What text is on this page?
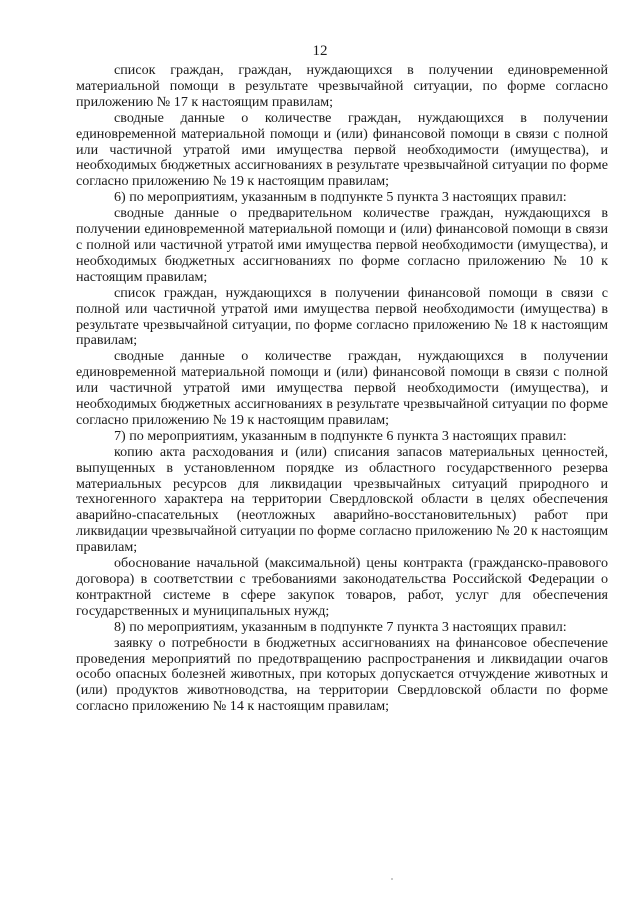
12

список граждан, граждан, нуждающихся в получении единовременной материальной помощи в результате чрезвычайной ситуации, по форме согласно приложению № 17 к настоящим правилам;

сводные данные о количестве граждан, нуждающихся в получении единовременной материальной помощи и (или) финансовой помощи в связи с полной или частичной утратой ими имущества первой необходимости (имущества), и необходимых бюджетных ассигнованиях в результате чрезвычайной ситуации по форме согласно приложению № 19 к настоящим правилам;

6) по мероприятиям, указанным в подпункте 5 пункта 3 настоящих правил:

сводные данные о предварительном количестве граждан, нуждающихся в получении единовременной материальной помощи и (или) финансовой помощи в связи с полной или частичной утратой ими имущества первой необходимости (имущества), и необходимых бюджетных ассигнованиях по форме согласно приложению № 10 к настоящим правилам;

список граждан, нуждающихся в получении финансовой помощи в связи с полной или частичной утратой ими имущества первой необходимости (имущества) в результате чрезвычайной ситуации, по форме согласно приложению № 18 к настоящим правилам;

сводные данные о количестве граждан, нуждающихся в получении единовременной материальной помощи и (или) финансовой помощи в связи с полной или частичной утратой ими имущества первой необходимости (имущества), и необходимых бюджетных ассигнованиях в результате чрезвычайной ситуации по форме согласно приложению № 19 к настоящим правилам;

7) по мероприятиям, указанным в подпункте 6 пункта 3 настоящих правил:

копию акта расходования и (или) списания запасов материальных ценностей, выпущенных в установленном порядке из областного государственного резерва материальных ресурсов для ликвидации чрезвычайных ситуаций природного и техногенного характера на территории Свердловской области в целях обеспечения аварийно-спасательных (неотложных аварийно-восстановительных) работ при ликвидации чрезвычайной ситуации по форме согласно приложению № 20 к настоящим правилам;

обоснование начальной (максимальной) цены контракта (гражданско-правового договора) в соответствии с требованиями законодательства Российской Федерации о контрактной системе в сфере закупок товаров, работ, услуг для обеспечения государственных и муниципальных нужд;

8) по мероприятиям, указанным в подпункте 7 пункта 3 настоящих правил:

заявку о потребности в бюджетных ассигнованиях на финансовое обеспечение проведения мероприятий по предотвращению распространения и ликвидации очагов особо опасных болезней животных, при которых допускается отчуждение животных и (или) продуктов животноводства, на территории Свердловской области по форме согласно приложению № 14 к настоящим правилам;
